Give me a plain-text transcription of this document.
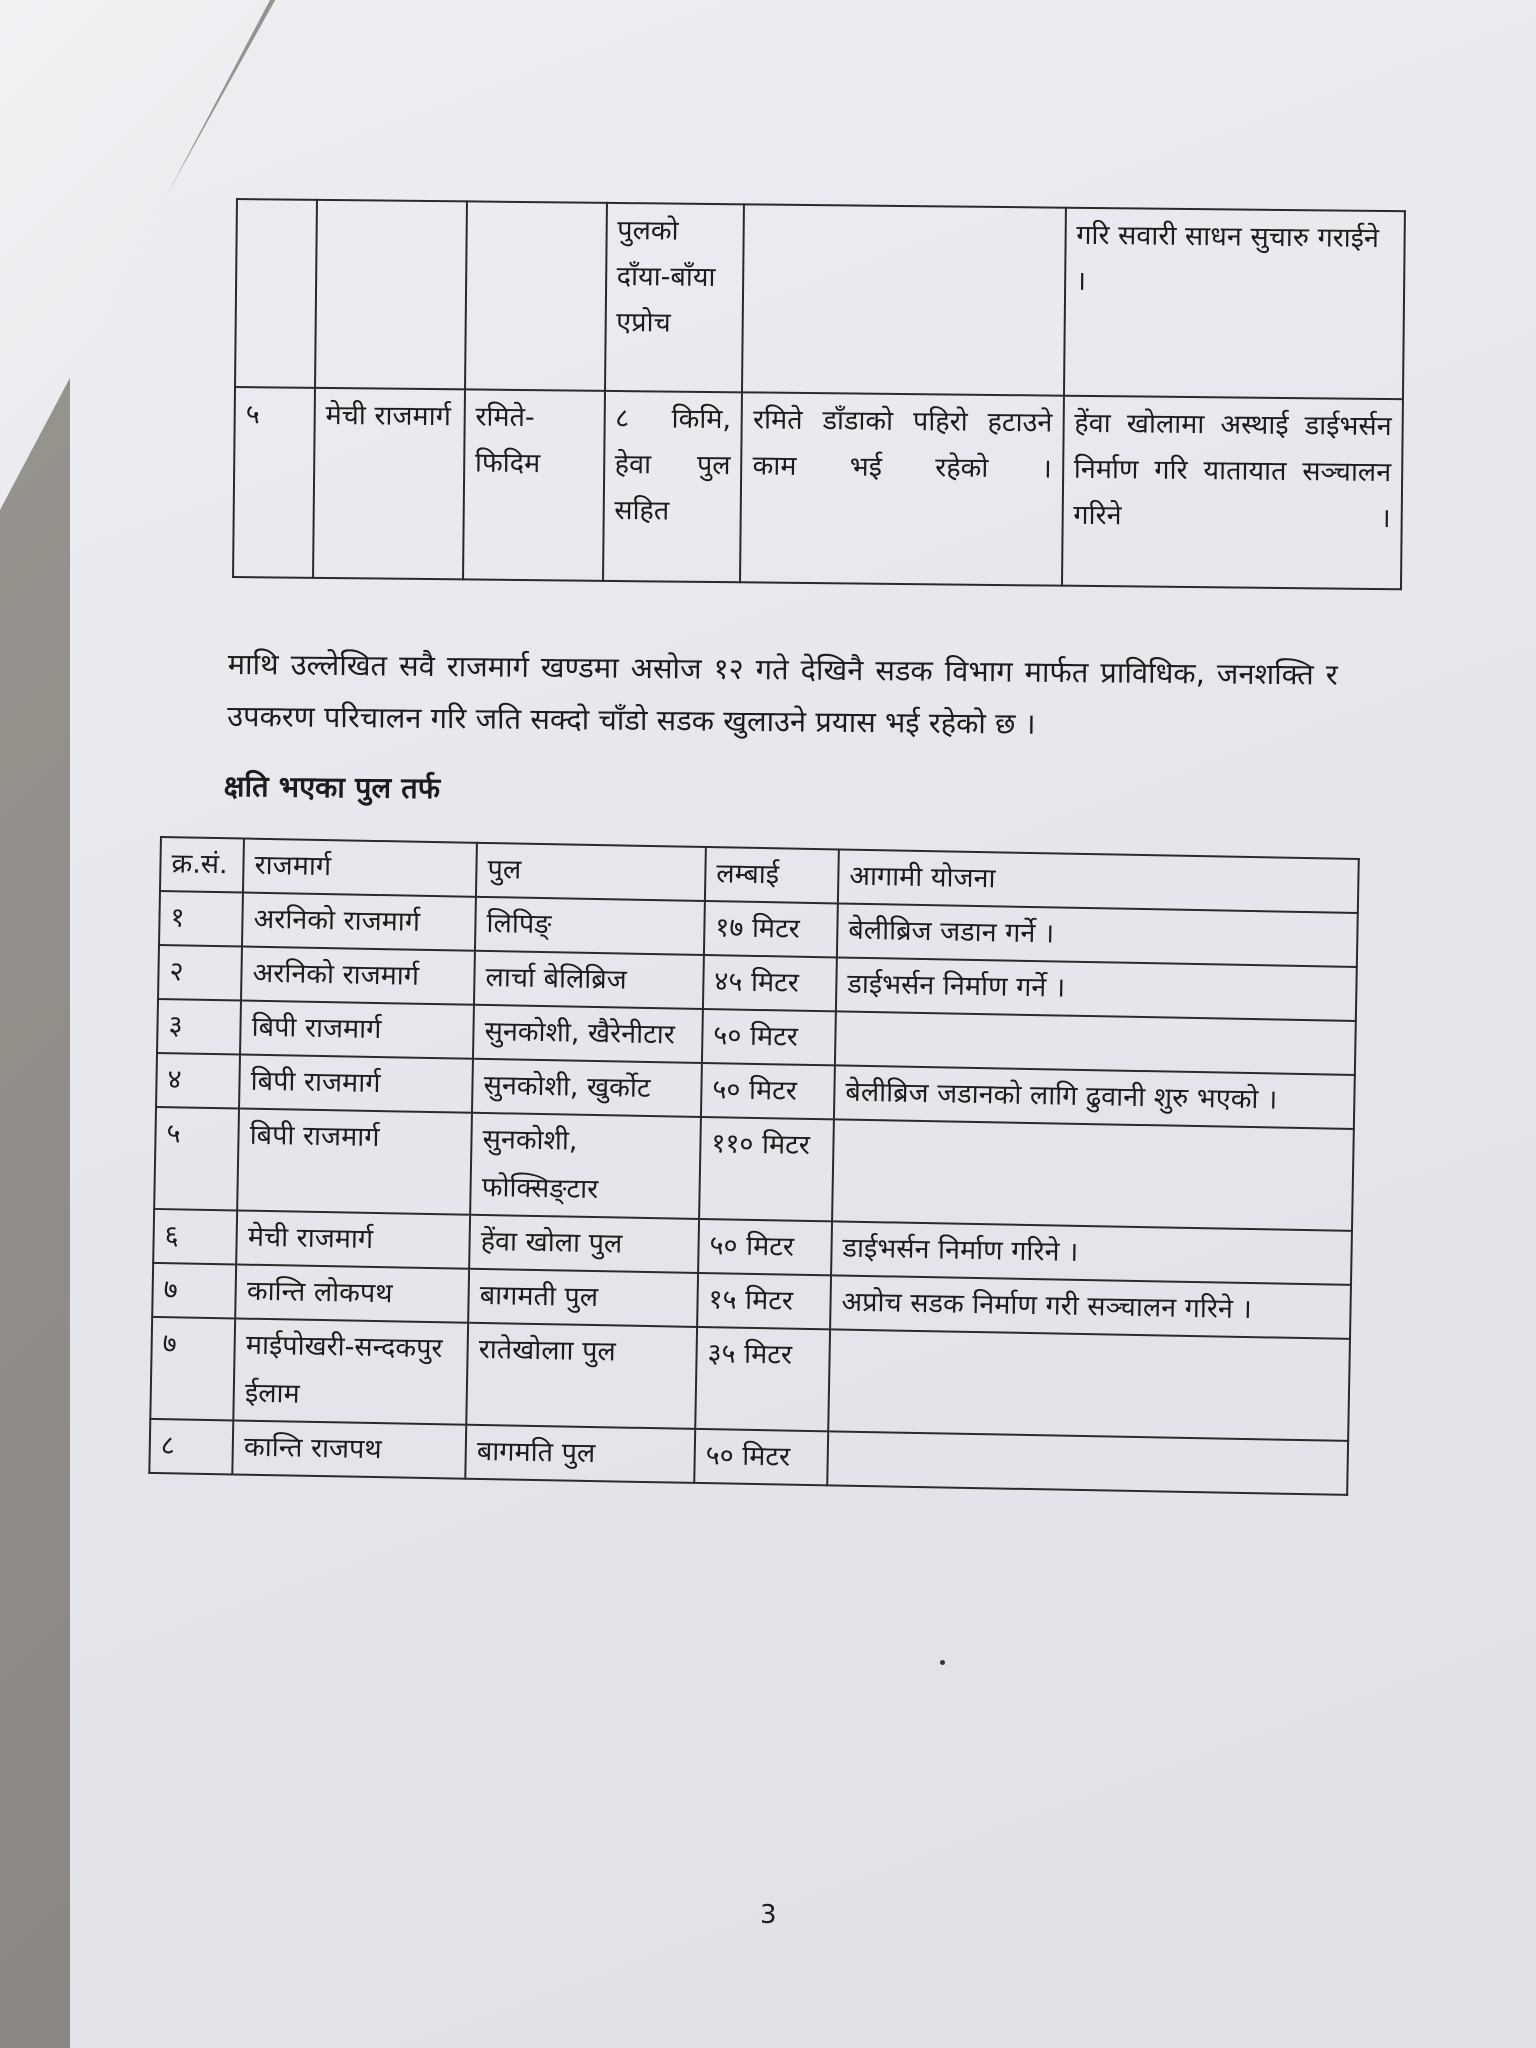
			पुलको दाँया-बाँया एप्रोच		गरि सवारी साधन सुचारु गराईने ।
५	मेची राजमार्ग	रमिते-फिदिम	८ किमि, हेवा पुल सहित	रमिते डाँडाको पहिरो हटाउने काम भई रहेको ।	हेंवा खोलामा अस्थाई डाईभर्सन निर्माण गरि यातायात सञ्चालन गरिने ।
माथि उल्लेखित सवै राजमार्ग खण्डमा असोज १२ गते देखिनै सडक विभाग मार्फत प्राविधिक, जनशक्ति र उपकरण परिचालन गरि जति सक्दो चाँडो सडक खुलाउने प्रयास भई रहेको छ ।
क्षति भएका पुल तर्फ
क्र.सं.	राजमार्ग	पुल	लम्बाई	आगामी योजना
१	अरनिको राजमार्ग	लिपिङ्	१७ मिटर	बेलीब्रिज जडान गर्ने ।
२	अरनिको राजमार्ग	लार्चा बेलिब्रिज	४५ मिटर	डाईभर्सन निर्माण गर्ने ।
३	बिपी राजमार्ग	सुनकोशी, खैरेनीटार	५० मिटर	
४	बिपी राजमार्ग	सुनकोशी, खुर्कोट	५० मिटर	बेलीब्रिज जडानको लागि ढुवानी शुरु भएको ।
५	बिपी राजमार्ग	सुनकोशी, फोक्सिङ्टार	११० मिटर	
६	मेची राजमार्ग	हेंवा खोला पुल	५० मिटर	डाईभर्सन निर्माण गरिने ।
७	कान्ति लोकपथ	बागमती पुल	१५ मिटर	अप्रोच सडक निर्माण गरी सञ्चालन गरिने ।
७	माईपोखरी-सन्दकपुर ईलाम	रातेखोलाा पुल	३५ मिटर	
८	कान्ति राजपथ	बागमति पुल	५० मिटर	
3
